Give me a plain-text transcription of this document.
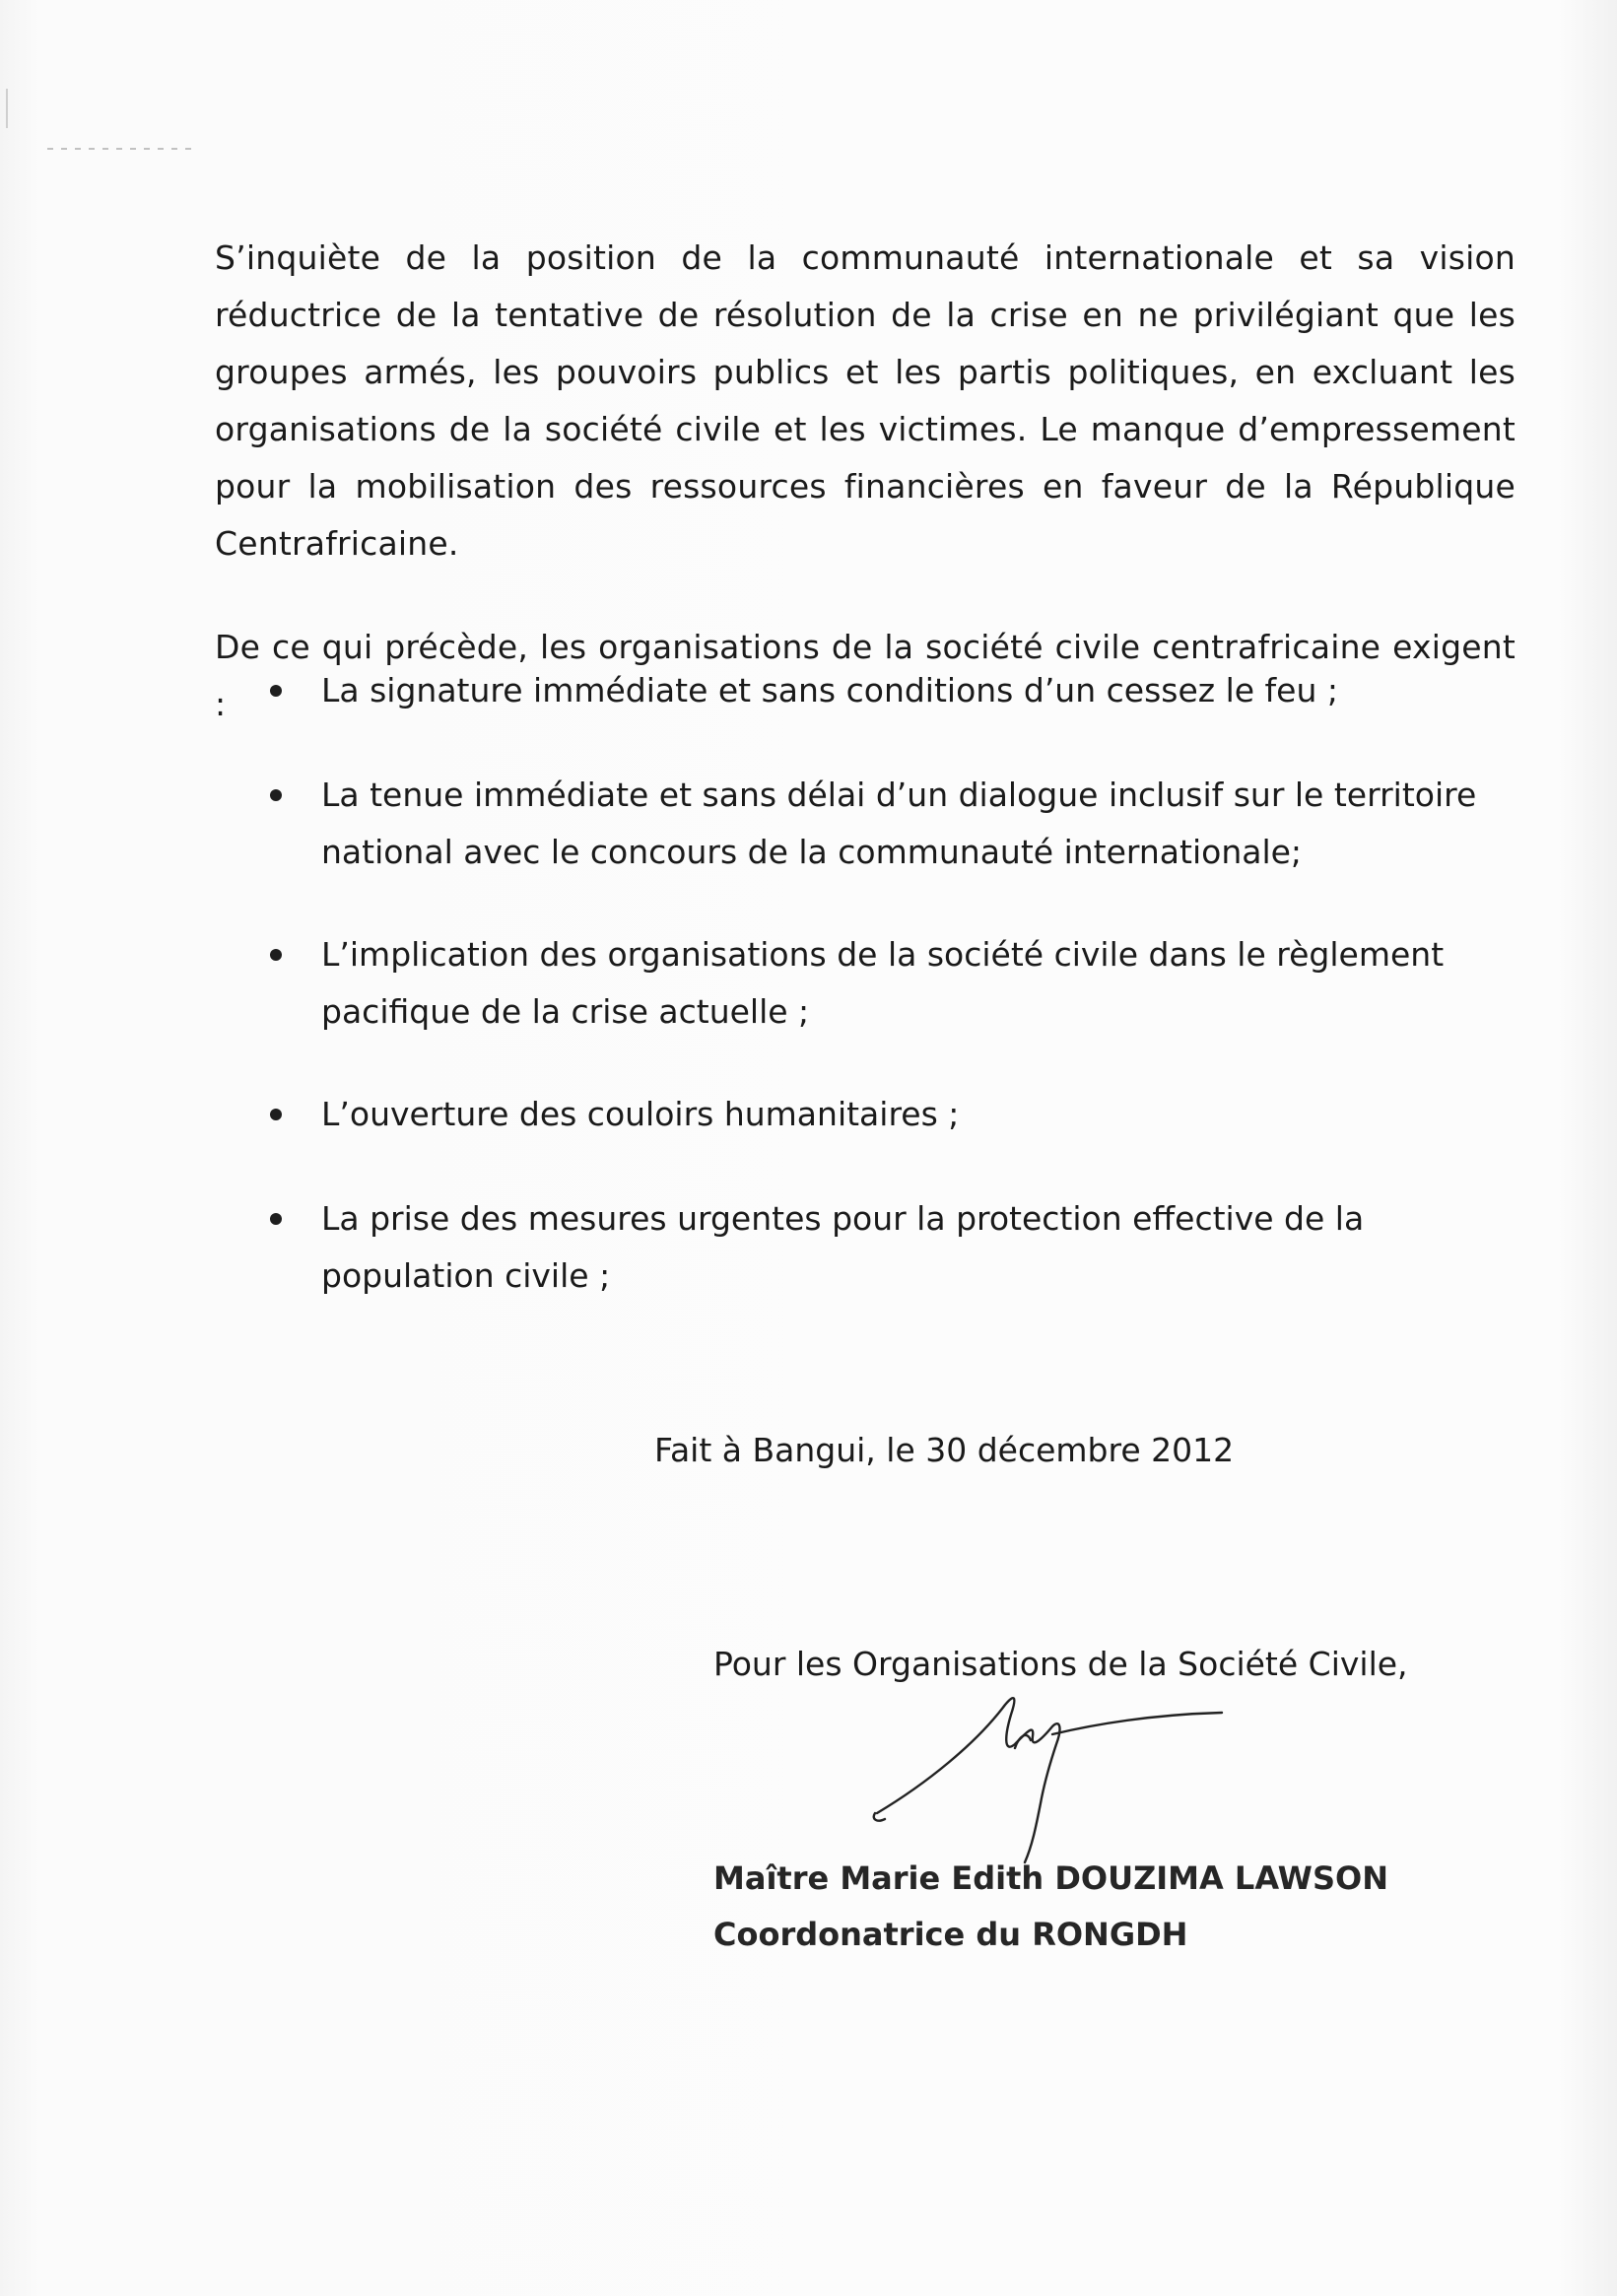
S’inquiète de la position de la communauté internationale et sa vision réductrice de la tentative de résolution de la crise en ne privilégiant que les groupes armés, les pouvoirs publics et les partis politiques, en excluant les organisations de la société civile et les victimes. Le manque d’empressement pour la mobilisation des ressources financières en faveur de la République Centrafricaine.

De ce qui précède, les organisations de la société civile centrafricaine exigent :	La signature immédiate et sans conditions d’un cessez le feu ;
La tenue immédiate et sans délai d’un dialogue inclusif sur le territoire national avec le concours de la communauté internationale;
L’implication des organisations de la société civile dans le règlement pacifique de la crise actuelle ;
L’ouverture des couloirs humanitaires ;
La prise des mesures urgentes pour la protection effective de la population civile ;
Fait à Bangui, le 30 décembre 2012
Pour les Organisations de la Société Civile,
Maître Marie Edith DOUZIMA LAWSON
Coordonatrice du RONGDH
